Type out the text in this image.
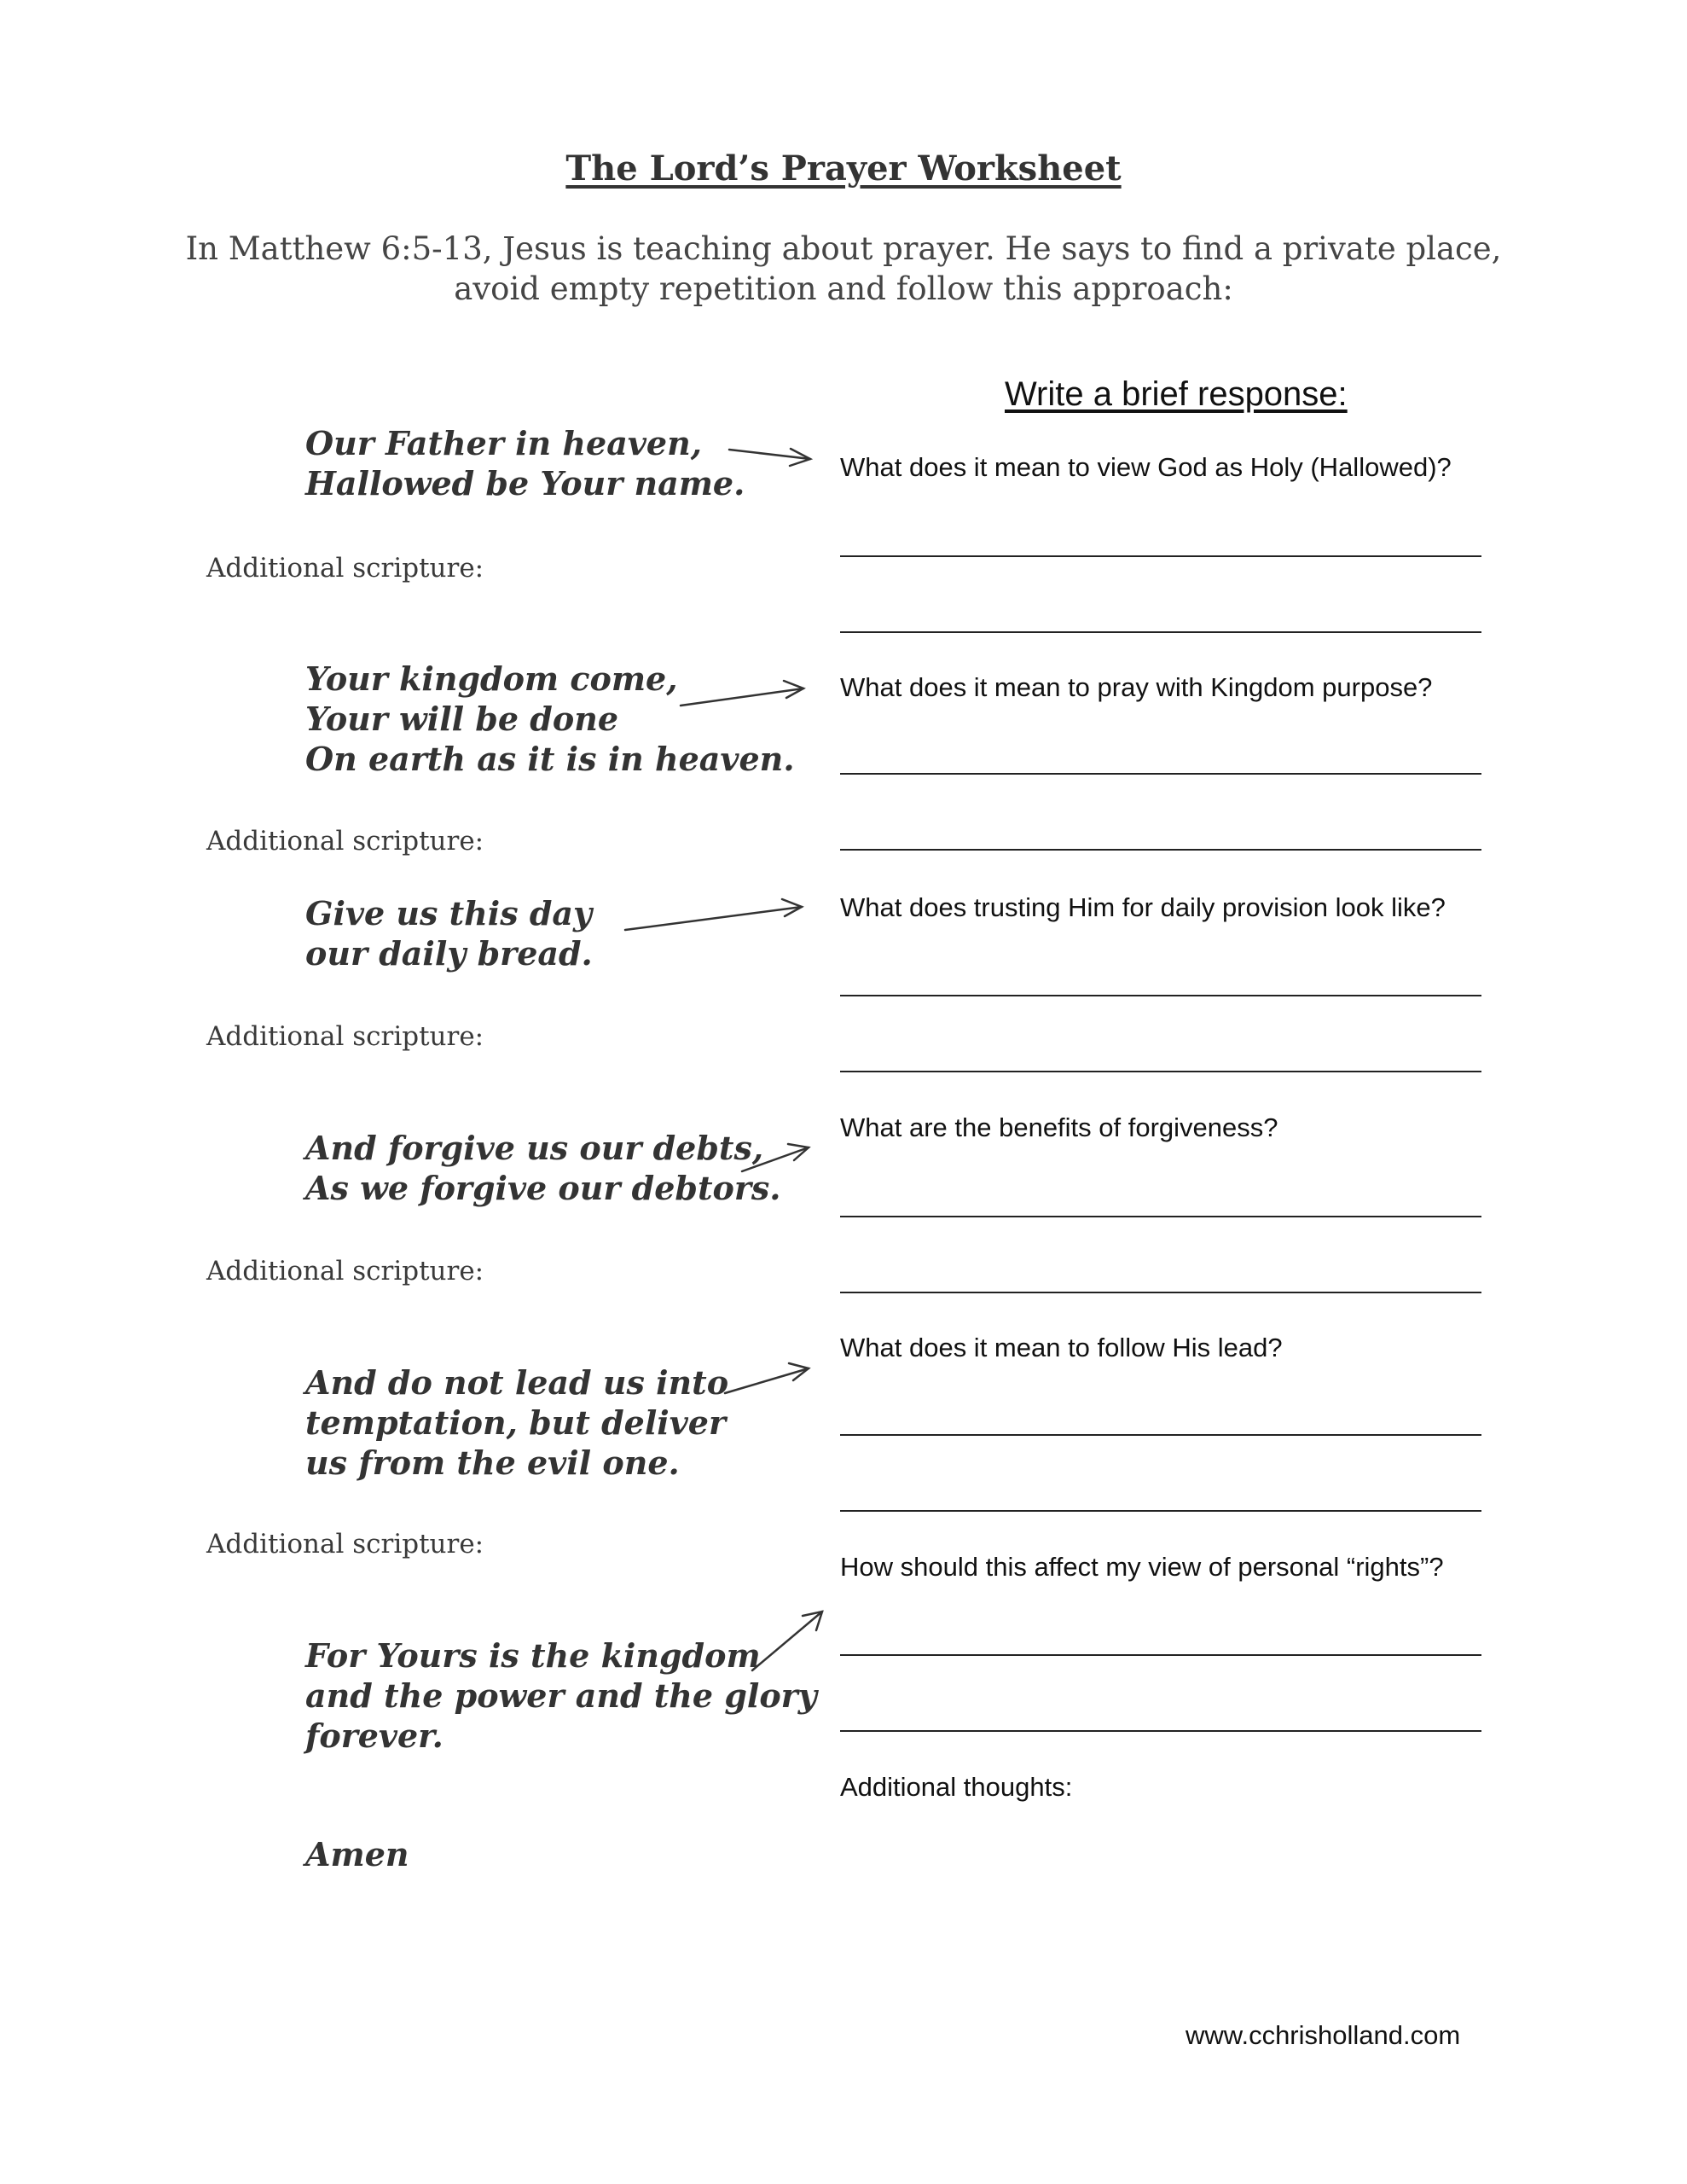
The Lord’s Prayer Worksheet
In Matthew 6:5-13, Jesus is teaching about prayer. He says to find a private place,
avoid empty repetition and follow this approach:
Write a brief response:
Our Father in heaven,
Hallowed be Your name.	What does it mean to view God as Holy (Hallowed)?
Additional scripture:
Your kingdom come,
Your will be done
On earth as it is in heaven.
What does it mean to pray with Kingdom purpose?
Additional scripture:
Give us this day
our daily bread.
What does trusting Him for daily provision look like?
Additional scripture:
And forgive us our debts,
As we forgive our debtors.
What are the benefits of forgiveness?
Additional scripture:
And do not lead us into
temptation, but deliver
us from the evil one.
What does it mean to follow His lead?
Additional scripture:
For Yours is the kingdom
and the power and the glory
forever.
How should this affect my view of personal “rights”?
Additional thoughts:
Amen
www.cchrisholland.com
